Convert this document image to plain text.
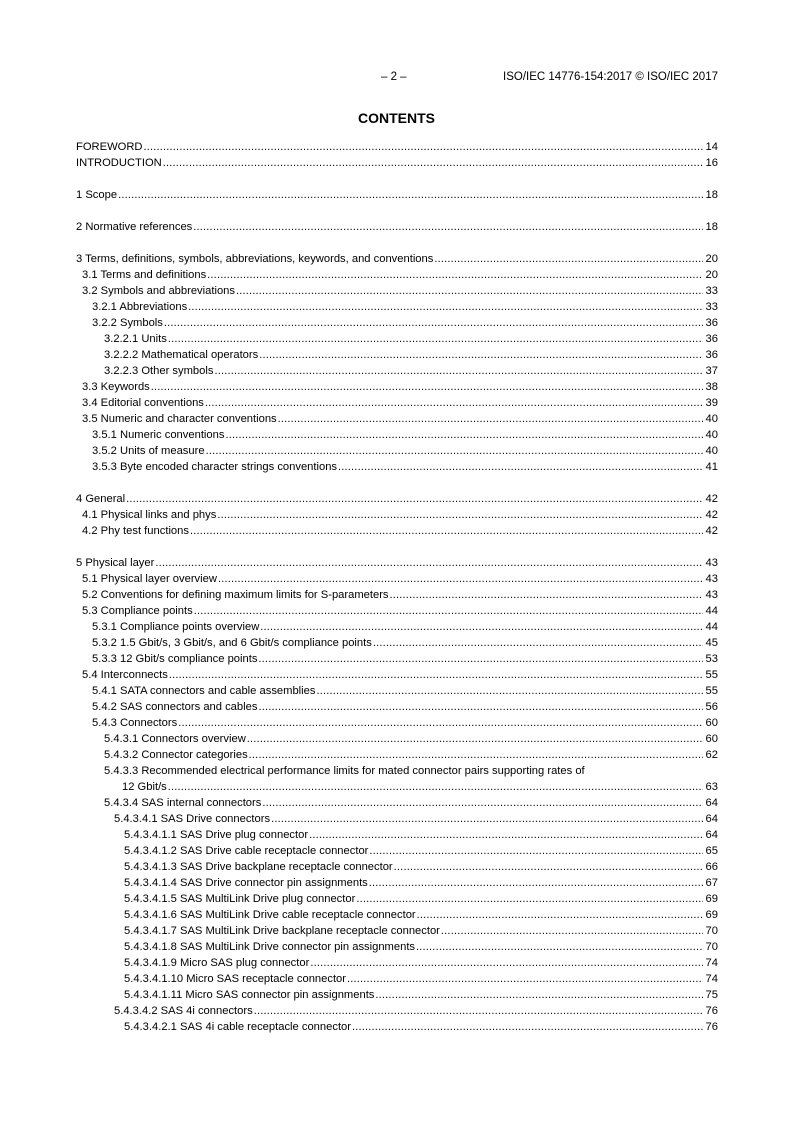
– 2 –	ISO/IEC 14776-154:2017 © ISO/IEC 2017
CONTENTS
FOREWORD .....	14
INTRODUCTION .....	16
1 Scope .....	18
2 Normative references .....	18
3 Terms, definitions, symbols, abbreviations, keywords, and conventions .....	20
3.1 Terms and definitions .....	20
3.2 Symbols and abbreviations .....	33
3.2.1 Abbreviations .....	33
3.2.2 Symbols .....	36
3.2.2.1 Units .....	36
3.2.2.2 Mathematical operators .....	36
3.2.2.3 Other symbols .....	37
3.3 Keywords .....	38
3.4 Editorial conventions .....	39
3.5 Numeric and character conventions .....	40
3.5.1 Numeric conventions .....	40
3.5.2 Units of measure .....	40
3.5.3 Byte encoded character strings conventions .....	41
4 General .....	42
4.1 Physical links and phys .....	42
4.2 Phy test functions .....	42
5 Physical layer .....	43
5.1 Physical layer overview .....	43
5.2 Conventions for defining maximum limits for S-parameters .....	43
5.3 Compliance points .....	44
5.3.1 Compliance points overview .....	44
5.3.2 1.5 Gbit/s, 3 Gbit/s, and 6 Gbit/s compliance points .....	45
5.3.3 12 Gbit/s compliance points .....	53
5.4 Interconnects .....	55
5.4.1 SATA connectors and cable assemblies .....	55
5.4.2 SAS connectors and cables .....	56
5.4.3 Connectors .....	60
5.4.3.1 Connectors overview .....	60
5.4.3.2 Connector categories .....	62
5.4.3.3 Recommended electrical performance limits for mated connector pairs supporting rates of
12 Gbit/s .....	63
5.4.3.4 SAS internal connectors .....	64
5.4.3.4.1 SAS Drive connectors .....	64
5.4.3.4.1.1 SAS Drive plug connector .....	64
5.4.3.4.1.2 SAS Drive cable receptacle connector .....	65
5.4.3.4.1.3 SAS Drive backplane receptacle connector .....	66
5.4.3.4.1.4 SAS Drive connector pin assignments .....	67
5.4.3.4.1.5 SAS MultiLink Drive plug connector .....	69
5.4.3.4.1.6 SAS MultiLink Drive cable receptacle connector .....	69
5.4.3.4.1.7 SAS MultiLink Drive backplane receptacle connector .....	70
5.4.3.4.1.8 SAS MultiLink Drive connector pin assignments .....	70
5.4.3.4.1.9 Micro SAS plug connector .....	74
5.4.3.4.1.10 Micro SAS receptacle connector .....	74
5.4.3.4.1.11 Micro SAS connector pin assignments .....	75
5.4.3.4.2 SAS 4i connectors .....	76
5.4.3.4.2.1 SAS 4i cable receptacle connector .....	76
